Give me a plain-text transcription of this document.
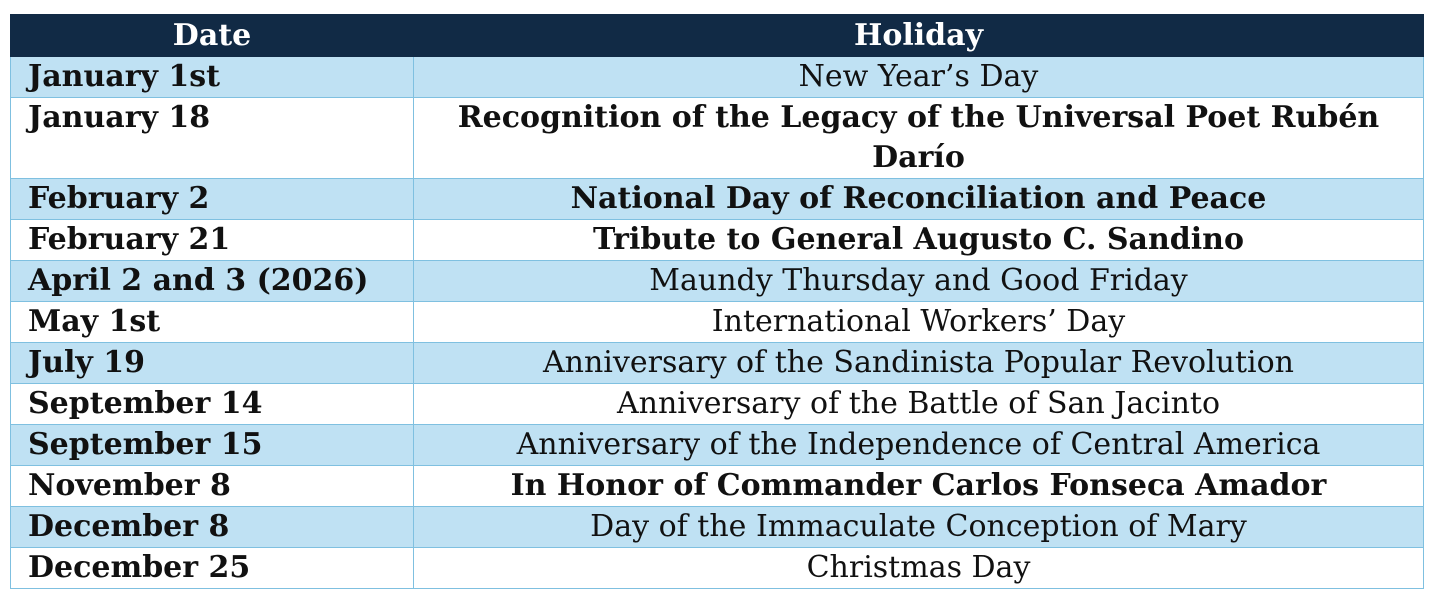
Date	Holiday
January 1st	New Year’s Day
January 18	Recognition of the Legacy of the Universal Poet Rubén Darío
February 2	National Day of Reconciliation and Peace
February 21	Tribute to General Augusto C. Sandino
April 2 and 3 (2026)	Maundy Thursday and Good Friday
May 1st	International Workers’ Day
July 19	Anniversary of the Sandinista Popular Revolution
September 14	Anniversary of the Battle of San Jacinto
September 15	Anniversary of the Independence of Central America
November 8	In Honor of Commander Carlos Fonseca Amador
December 8	Day of the Immaculate Conception of Mary
December 25	Christmas Day
